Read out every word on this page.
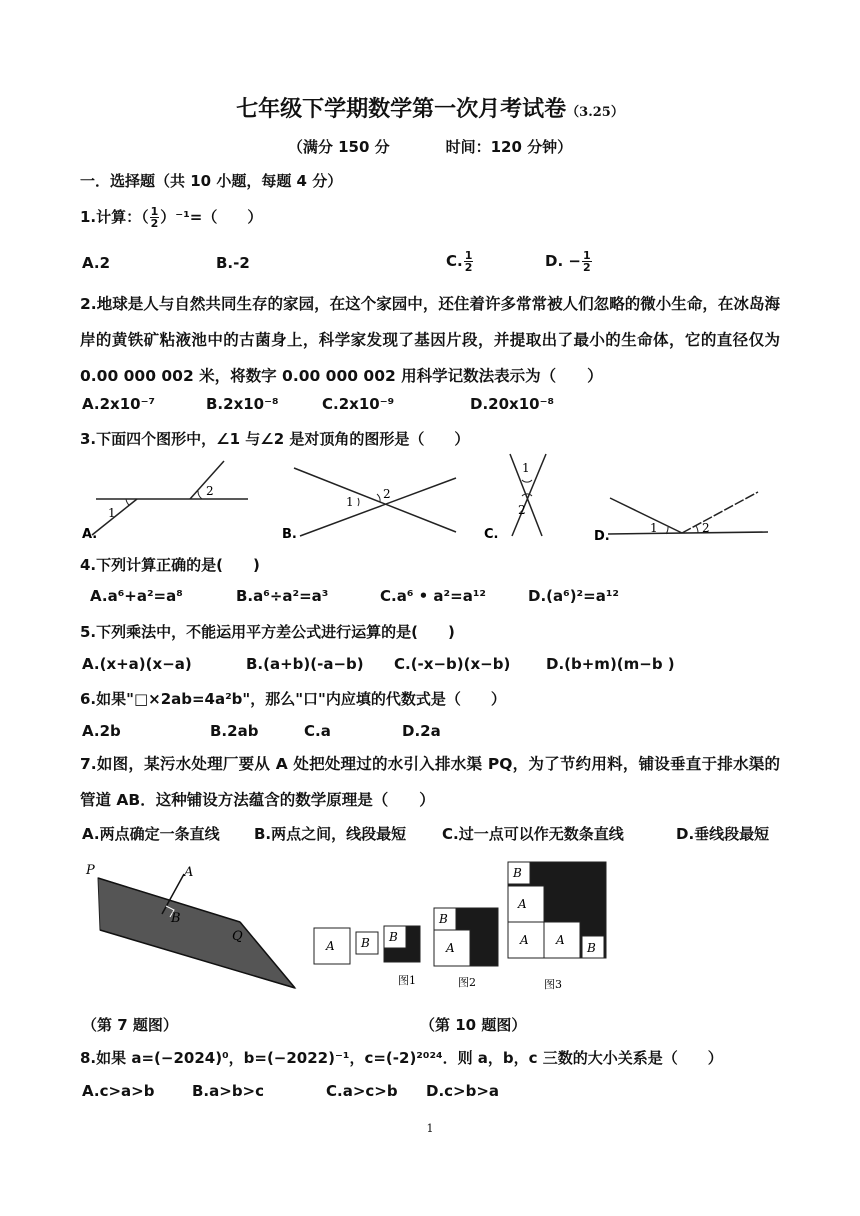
七年级下学期数学第一次月考试卷（3.25）
（满分 150 分	时间：120 分钟）
一．选择题（共 10 小题，每题 4 分）
1.计算：（ $\frac{1}{2} )^{-1}=$（　　）
A.2	B.-2	C. $\frac{1}{2}$	D. − $\frac{1}{2}$
2.地球是人与自然共同生存的家园，在这个家园中，还住着许多常常被人们忽略的微小生命，在冰岛海岸的黄铁矿粘液池中的古菌身上，科学家发现了基因片段，并提取出了最小的生命体，它的直径仅为 0.00 000 002 米，将数字 0.00 000 002 用科学记数法表示为（　　）
A.2x10⁻⁷	B.2x10⁻⁸	C.2x10⁻⁹	D.20x10⁻⁸
3.下面四个图形中，∠1 与∠2 是对顶角的图形是（　　）
1
2
A.
1
2
B.
1
2
C.	1	2
D.
4.下列计算正确的是(　　)
A.a⁶+a²=a⁸	B.a⁶÷a²=a³	C.a⁶ • a²=a¹²	D.(a⁶)²=a¹²
5.下列乘法中，不能运用平方差公式进行运算的是(　　)
A.(x+a)(x−a)	B.(a+b)(-a−b) C.(-x−b)(x−b) D.(b+m)(m−b )
6.如果"□×2ab=4a²b"，那么"口"内应填的代数式是（　　）
A.2b	B.2ab	C.a	D.2a
7.如图，某污水处理厂要从 A 处把处理过的水引入排水渠 PQ，为了节约用料，铺设垂直于排水渠的管道 AB．这种铺设方法蕴含的数学原理是（　　）
A.两点确定一条直线 B.两点之间，线段最短 C.过一点可以作无数条直线	D.垂线段最短
P
Q
A
B
（第 7 题图）
A B B
图1
B
A
图2
B
A
A A
B
图3
（第 10 题图）
8.如果 a=(−2024)⁰，b=(−2022)⁻¹，c=(-2)²⁰²⁴．则 a，b，c 三数的大小关系是（　　）
A.c>a>b	B.a>b>c	C.a>c>b D.c>b>a
1
